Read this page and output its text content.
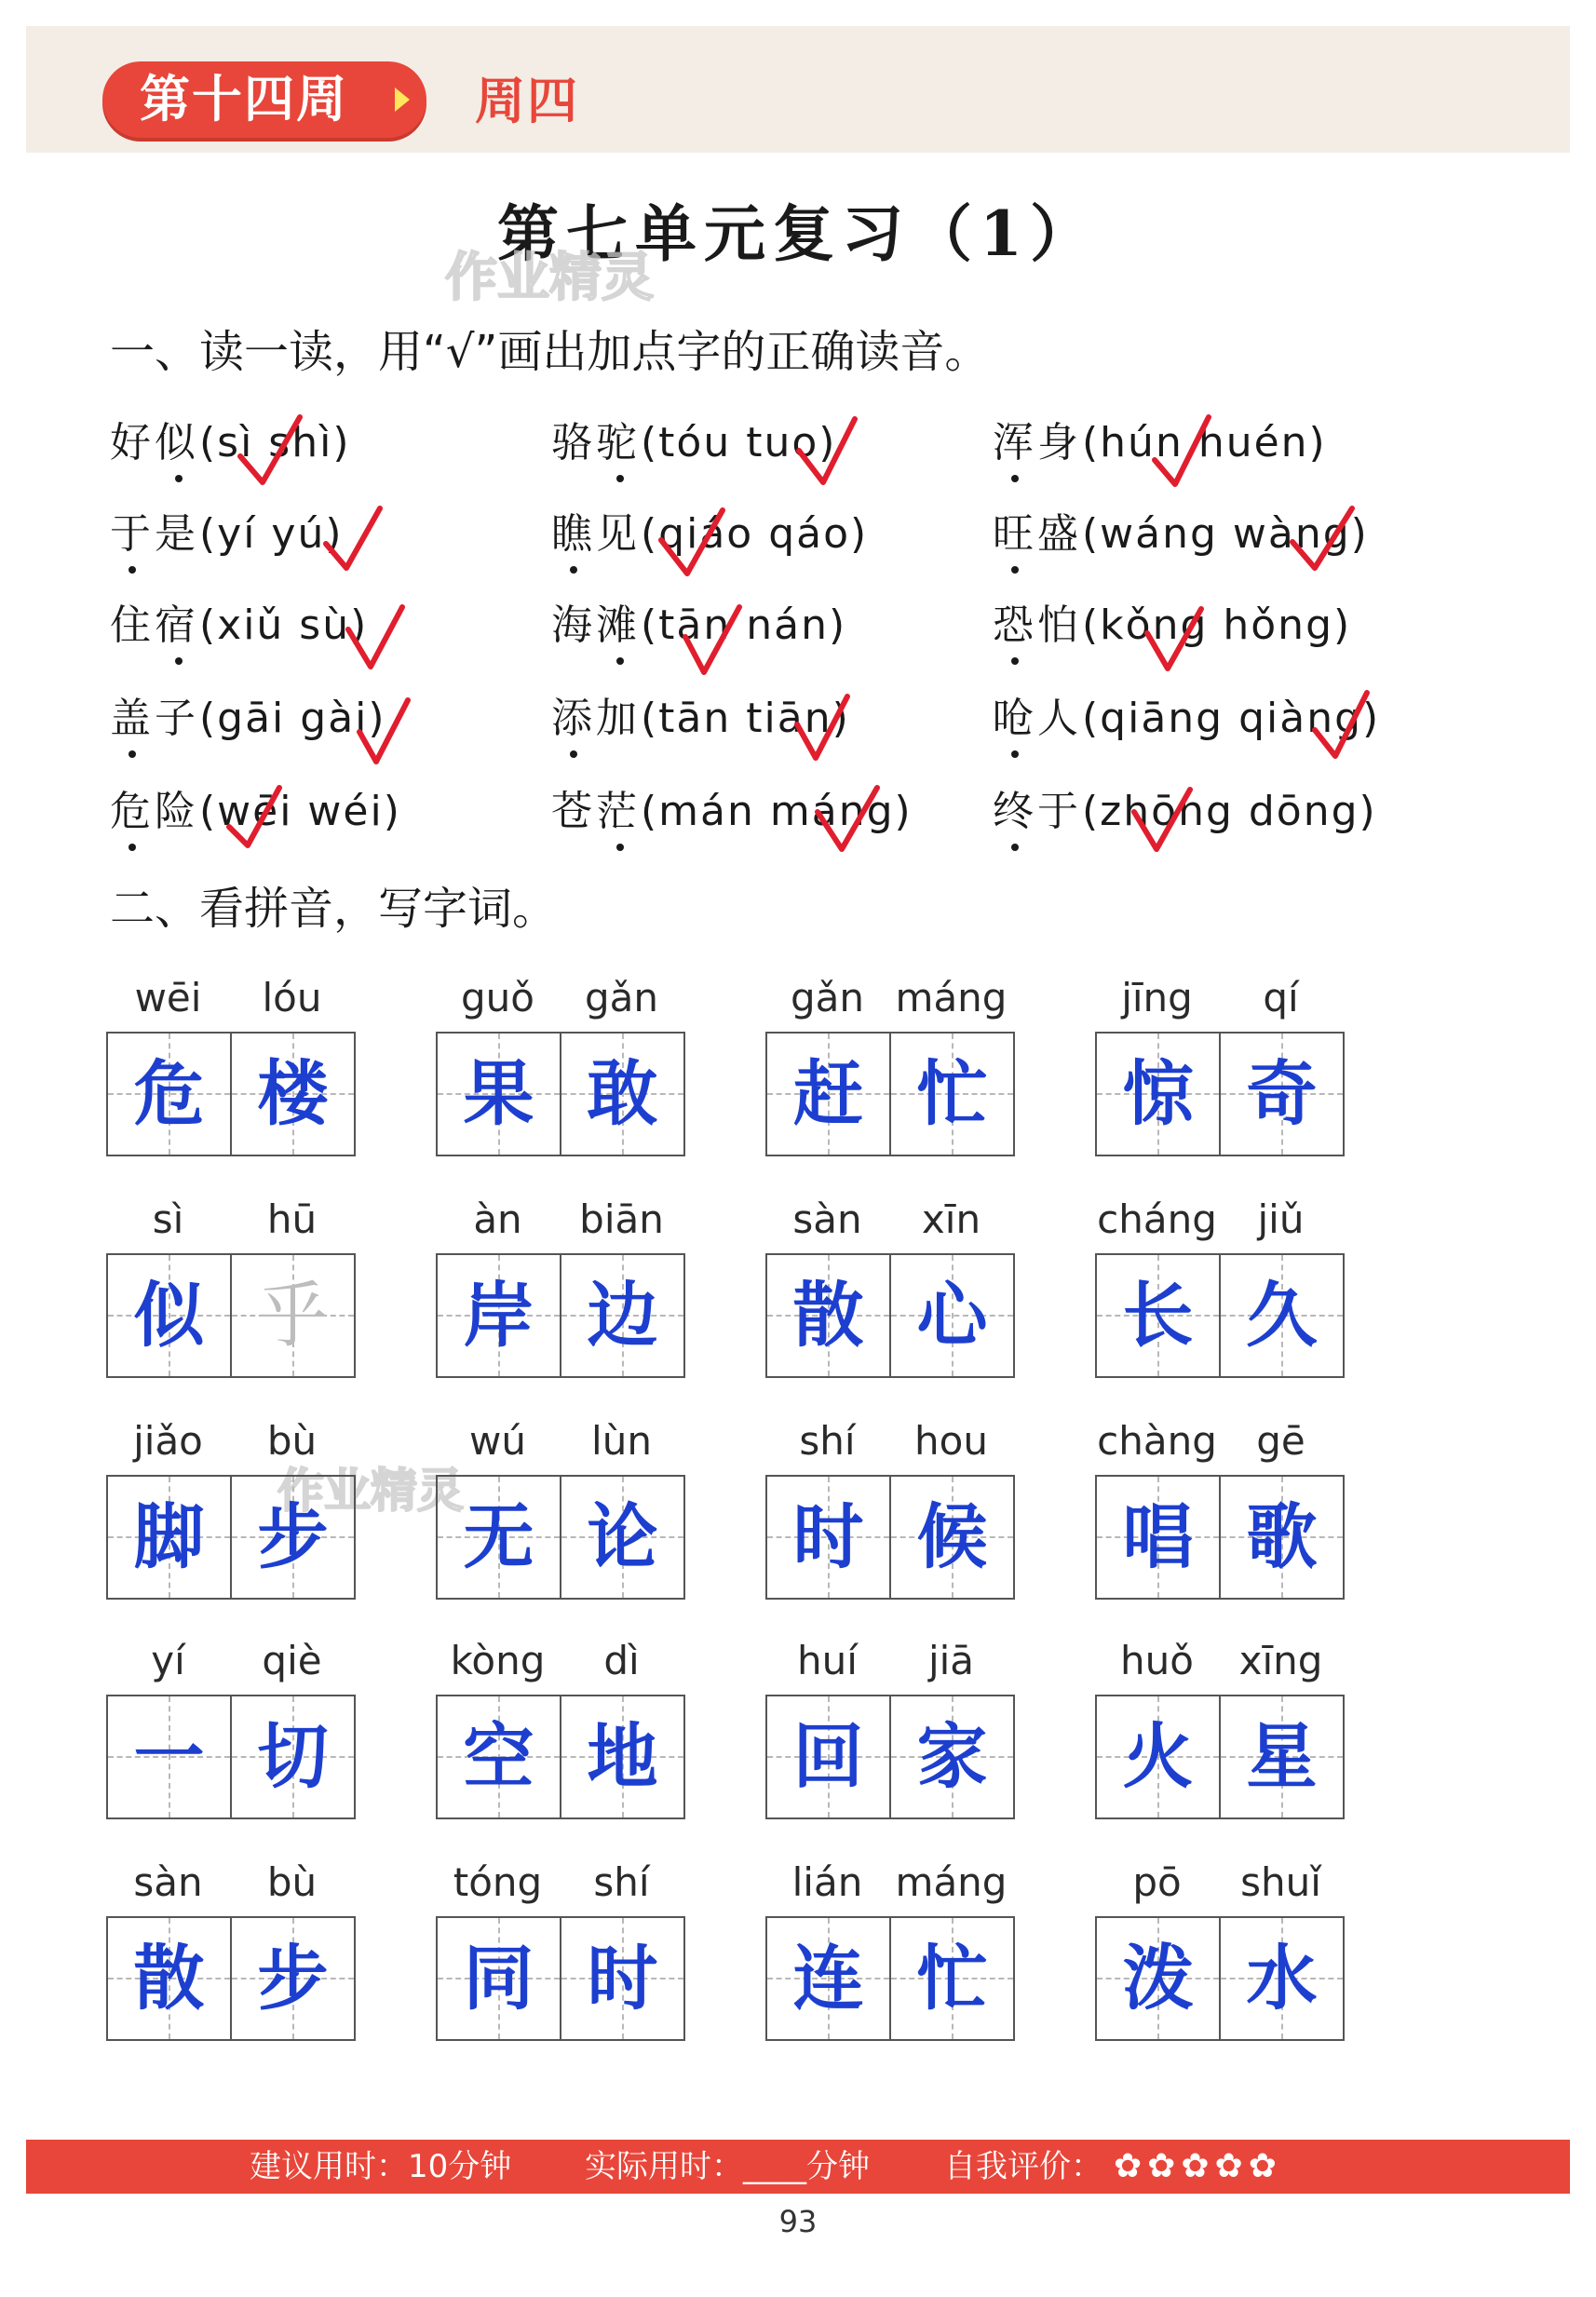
第十四周	周四
第七单元复习（1）
作业精灵
作业精灵
一、读一读，用“√”画出加点字的正确读音。
好似(sì shì)	骆驼(tóu tuo)	浑身(hún huén)
于是(yí yú)	瞧见(qiáo qáo)	旺盛(wáng wàng)
住宿(xiǔ sù)	海滩(tān nán)	恐怕(kǒng hǒng)
盖子(gāi gài)	添加(tān tiān)	呛人(qiāng qiàng)
危险(wēi wéi)	苍茫(mán máng)	终于(zhōng dōng)
二、看拼音，写字词。
wēi	lóu
危 楼
guǒ	gǎn
果 敢
gǎn máng
赶 忙
jīng	qí
惊 奇
sì	hū
似 乎
àn	biān
岸 边
sàn	xīn
散 心
cháng	jiǔ
长 久
jiǎo	bù
脚 步
wú	lùn
无 论
shí	hou
时 候
chàng	gē
唱 歌
yí	qiè
一 切
kòng	dì
空 地
huí	jiā
回 家
huǒ	xīng
火 星
sàn	bù
散 步
tóng	shí
同 时
lián máng
连 忙
pō	shuǐ
泼 水
建议用时：10分钟 实际用时：____分钟 自我评价： ✿ ✿ ✿ ✿ ✿
93
